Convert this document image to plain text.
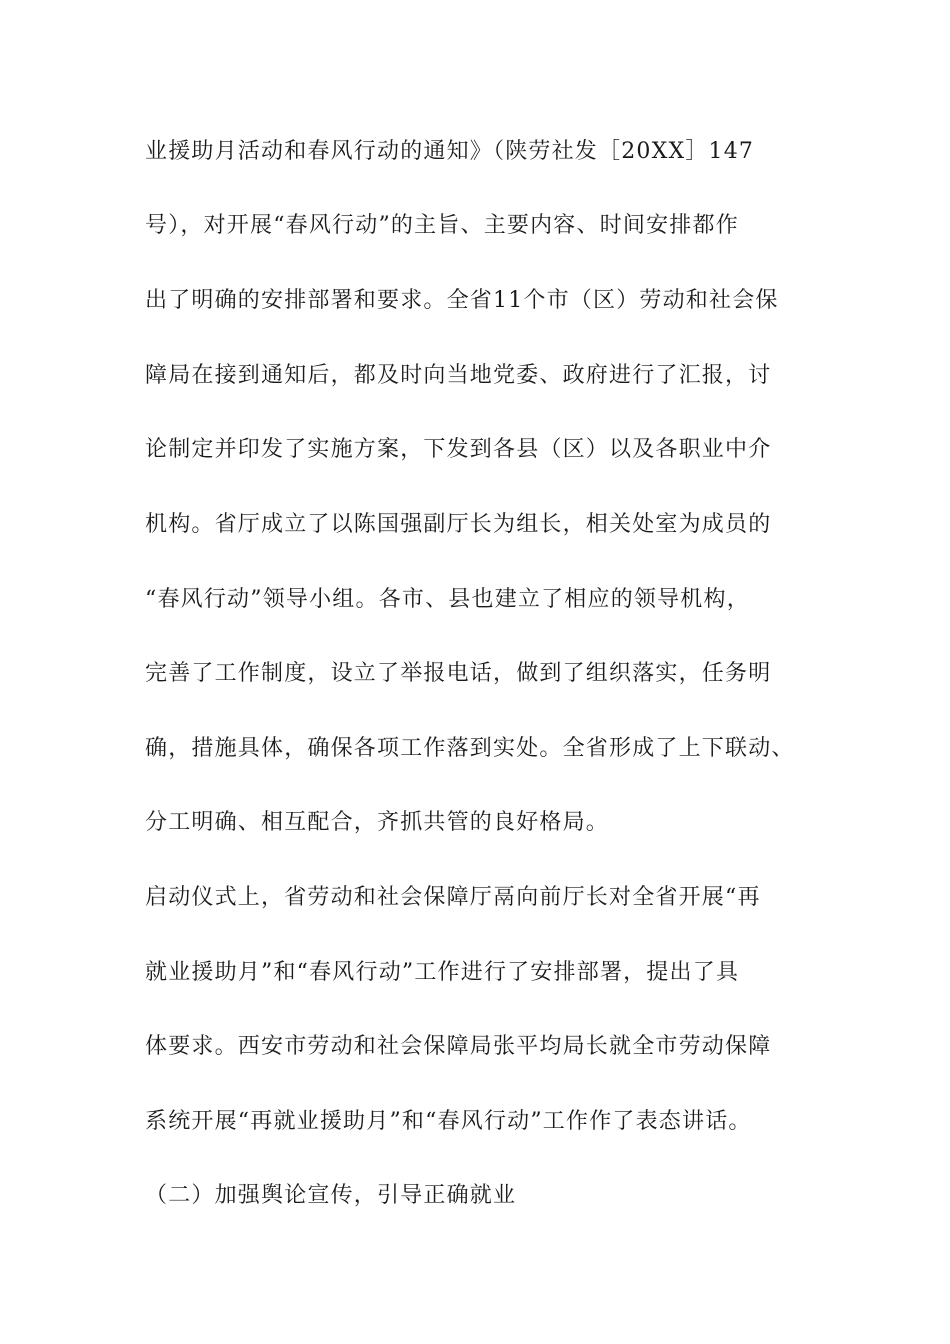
业援助月活动和春风行动的通知》（陕劳社发［20XX］147
号），对开展“春风行动”的主旨、主要内容、时间安排都作
出了明确的安排部署和要求。全省11个市（区）劳动和社会保
障局在接到通知后，都及时向当地党委、政府进行了汇报，讨
论制定并印发了实施方案，下发到各县（区）以及各职业中介
机构。省厅成立了以陈国强副厅长为组长，相关处室为成员的
“春风行动”领导小组。各市、县也建立了相应的领导机构，
完善了工作制度，设立了举报电话，做到了组织落实，任务明
确，措施具体，确保各项工作落到实处。全省形成了上下联动、
分工明确、相互配合，齐抓共管的良好格局。
启动仪式上，省劳动和社会保障厅鬲向前厅长对全省开展“再
就业援助月”和“春风行动”工作进行了安排部署，提出了具
体要求。西安市劳动和社会保障局张平均局长就全市劳动保障
系统开展“再就业援助月”和“春风行动”工作作了表态讲话。
（二）加强舆论宣传，引导正确就业
